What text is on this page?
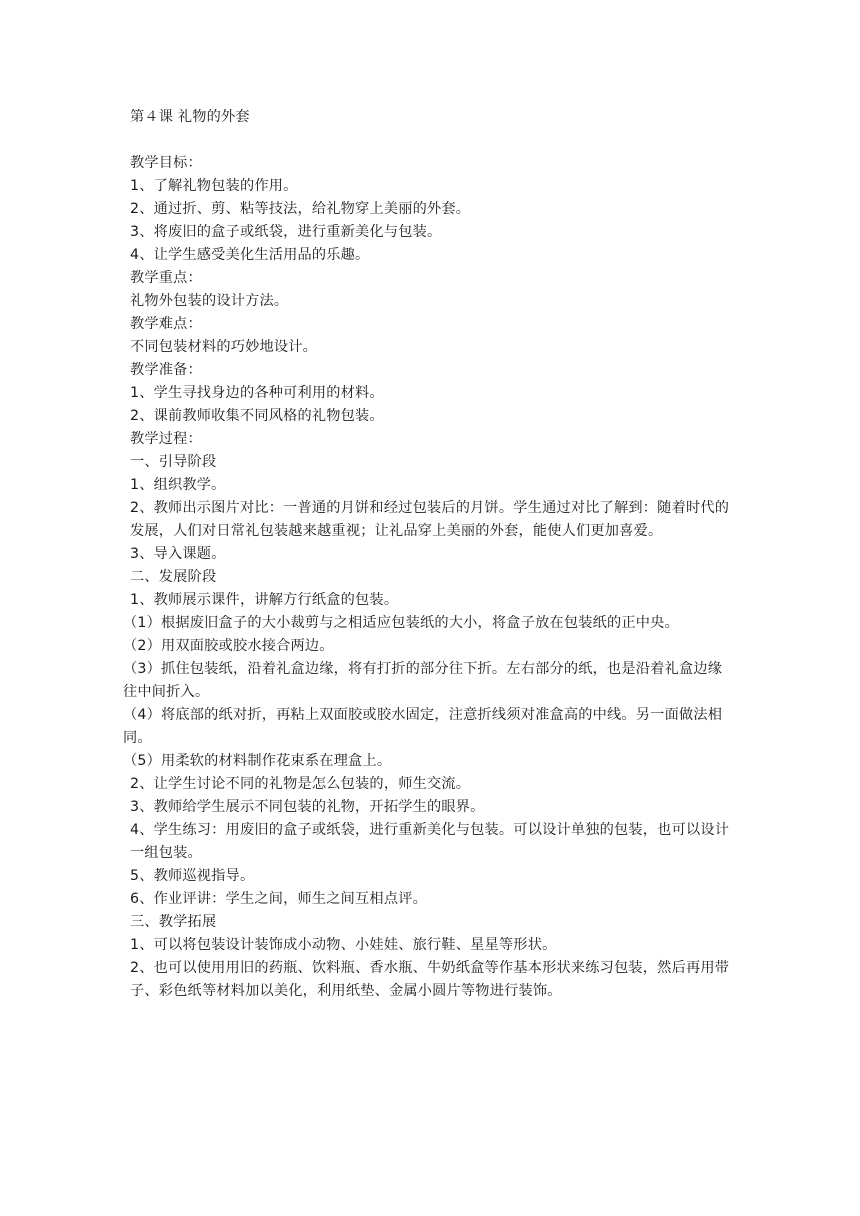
第４课 礼物的外套

教学目标：

1、了解礼物包装的作用。

2、通过折、剪、粘等技法，给礼物穿上美丽的外套。

3、将废旧的盒子或纸袋，进行重新美化与包装。

4、让学生感受美化生活用品的乐趣。

教学重点：

礼物外包装的设计方法。

教学难点：

不同包装材料的巧妙地设计。

教学准备：

1、学生寻找身边的各种可利用的材料。

2、课前教师收集不同风格的礼物包装。

教学过程：

一、引导阶段

1、组织教学。

2、教师出示图片对比：一普通的月饼和经过包装后的月饼。学生通过对比了解到：随着时代的发展，人们对日常礼包装越来越重视；让礼品穿上美丽的外套，能使人们更加喜爱。

3、导入课题。

二、发展阶段

1、教师展示课件，讲解方行纸盒的包装。

（1）根据废旧盒子的大小裁剪与之相适应包装纸的大小，将盒子放在包装纸的正中央。

（2）用双面胶或胶水接合两边。

（3）抓住包装纸，沿着礼盒边缘，将有打折的部分往下折。左右部分的纸，也是沿着礼盒边缘往中间折入。

（4）将底部的纸对折，再粘上双面胶或胶水固定，注意折线须对准盒高的中线。另一面做法相同。

（5）用柔软的材料制作花束系在理盒上。

2、让学生讨论不同的礼物是怎么包装的，师生交流。

3、教师给学生展示不同包装的礼物，开拓学生的眼界。

4、学生练习：用废旧的盒子或纸袋，进行重新美化与包装。可以设计单独的包装，也可以设计一组包装。

5、教师巡视指导。

6、作业评讲：学生之间，师生之间互相点评。

三、教学拓展

1、可以将包装设计装饰成小动物、小娃娃、旅行鞋、星星等形状。

2、也可以使用用旧的药瓶、饮料瓶、香水瓶、牛奶纸盒等作基本形状来练习包装，然后再用带子、彩色纸等材料加以美化，利用纸垫、金属小圆片等物进行装饰。
